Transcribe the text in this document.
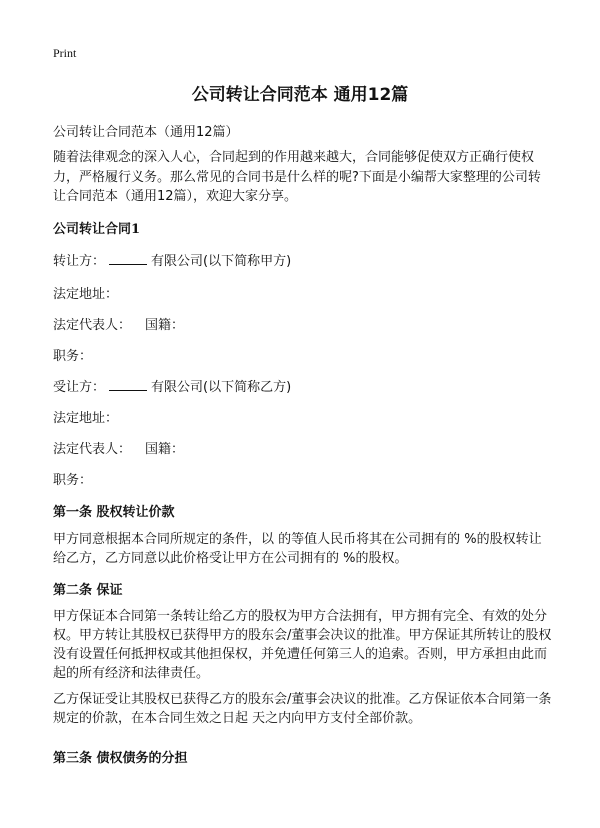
Print
公司转让合同范本 通用12篇
公司转让合同范本（通用12篇）
随着法律观念的深入人心，合同起到的作用越来越大，合同能够促使双方正确行使权力，严格履行义务。那么常见的合同书是什么样的呢?下面是小编帮大家整理的公司转让合同范本（通用12篇），欢迎大家分享。
公司转让合同1
转让方：	有限公司(以下简称甲方)
法定地址：
法定代表人： 国籍：
职务：
受让方：	有限公司(以下简称乙方)
法定地址：
法定代表人： 国籍：
职务：
第一条 股权转让价款
甲方同意根据本合同所规定的条件，以 的等值人民币将其在公司拥有的 %的股权转让给乙方，乙方同意以此价格受让甲方在公司拥有的 %的股权。
第二条 保证
甲方保证本合同第一条转让给乙方的股权为甲方合法拥有，甲方拥有完全、有效的处分权。甲方转让其股权已获得甲方的股东会/董事会决议的批准。甲方保证其所转让的股权没有设置任何抵押权或其他担保权，并免遭任何第三人的追索。否则，甲方承担由此而起的所有经济和法律责任。
乙方保证受让其股权已获得乙方的股东会/董事会决议的批准。乙方保证依本合同第一条规定的价款，在本合同生效之日起 天之内向甲方支付全部价款。
第三条 债权债务的分担
